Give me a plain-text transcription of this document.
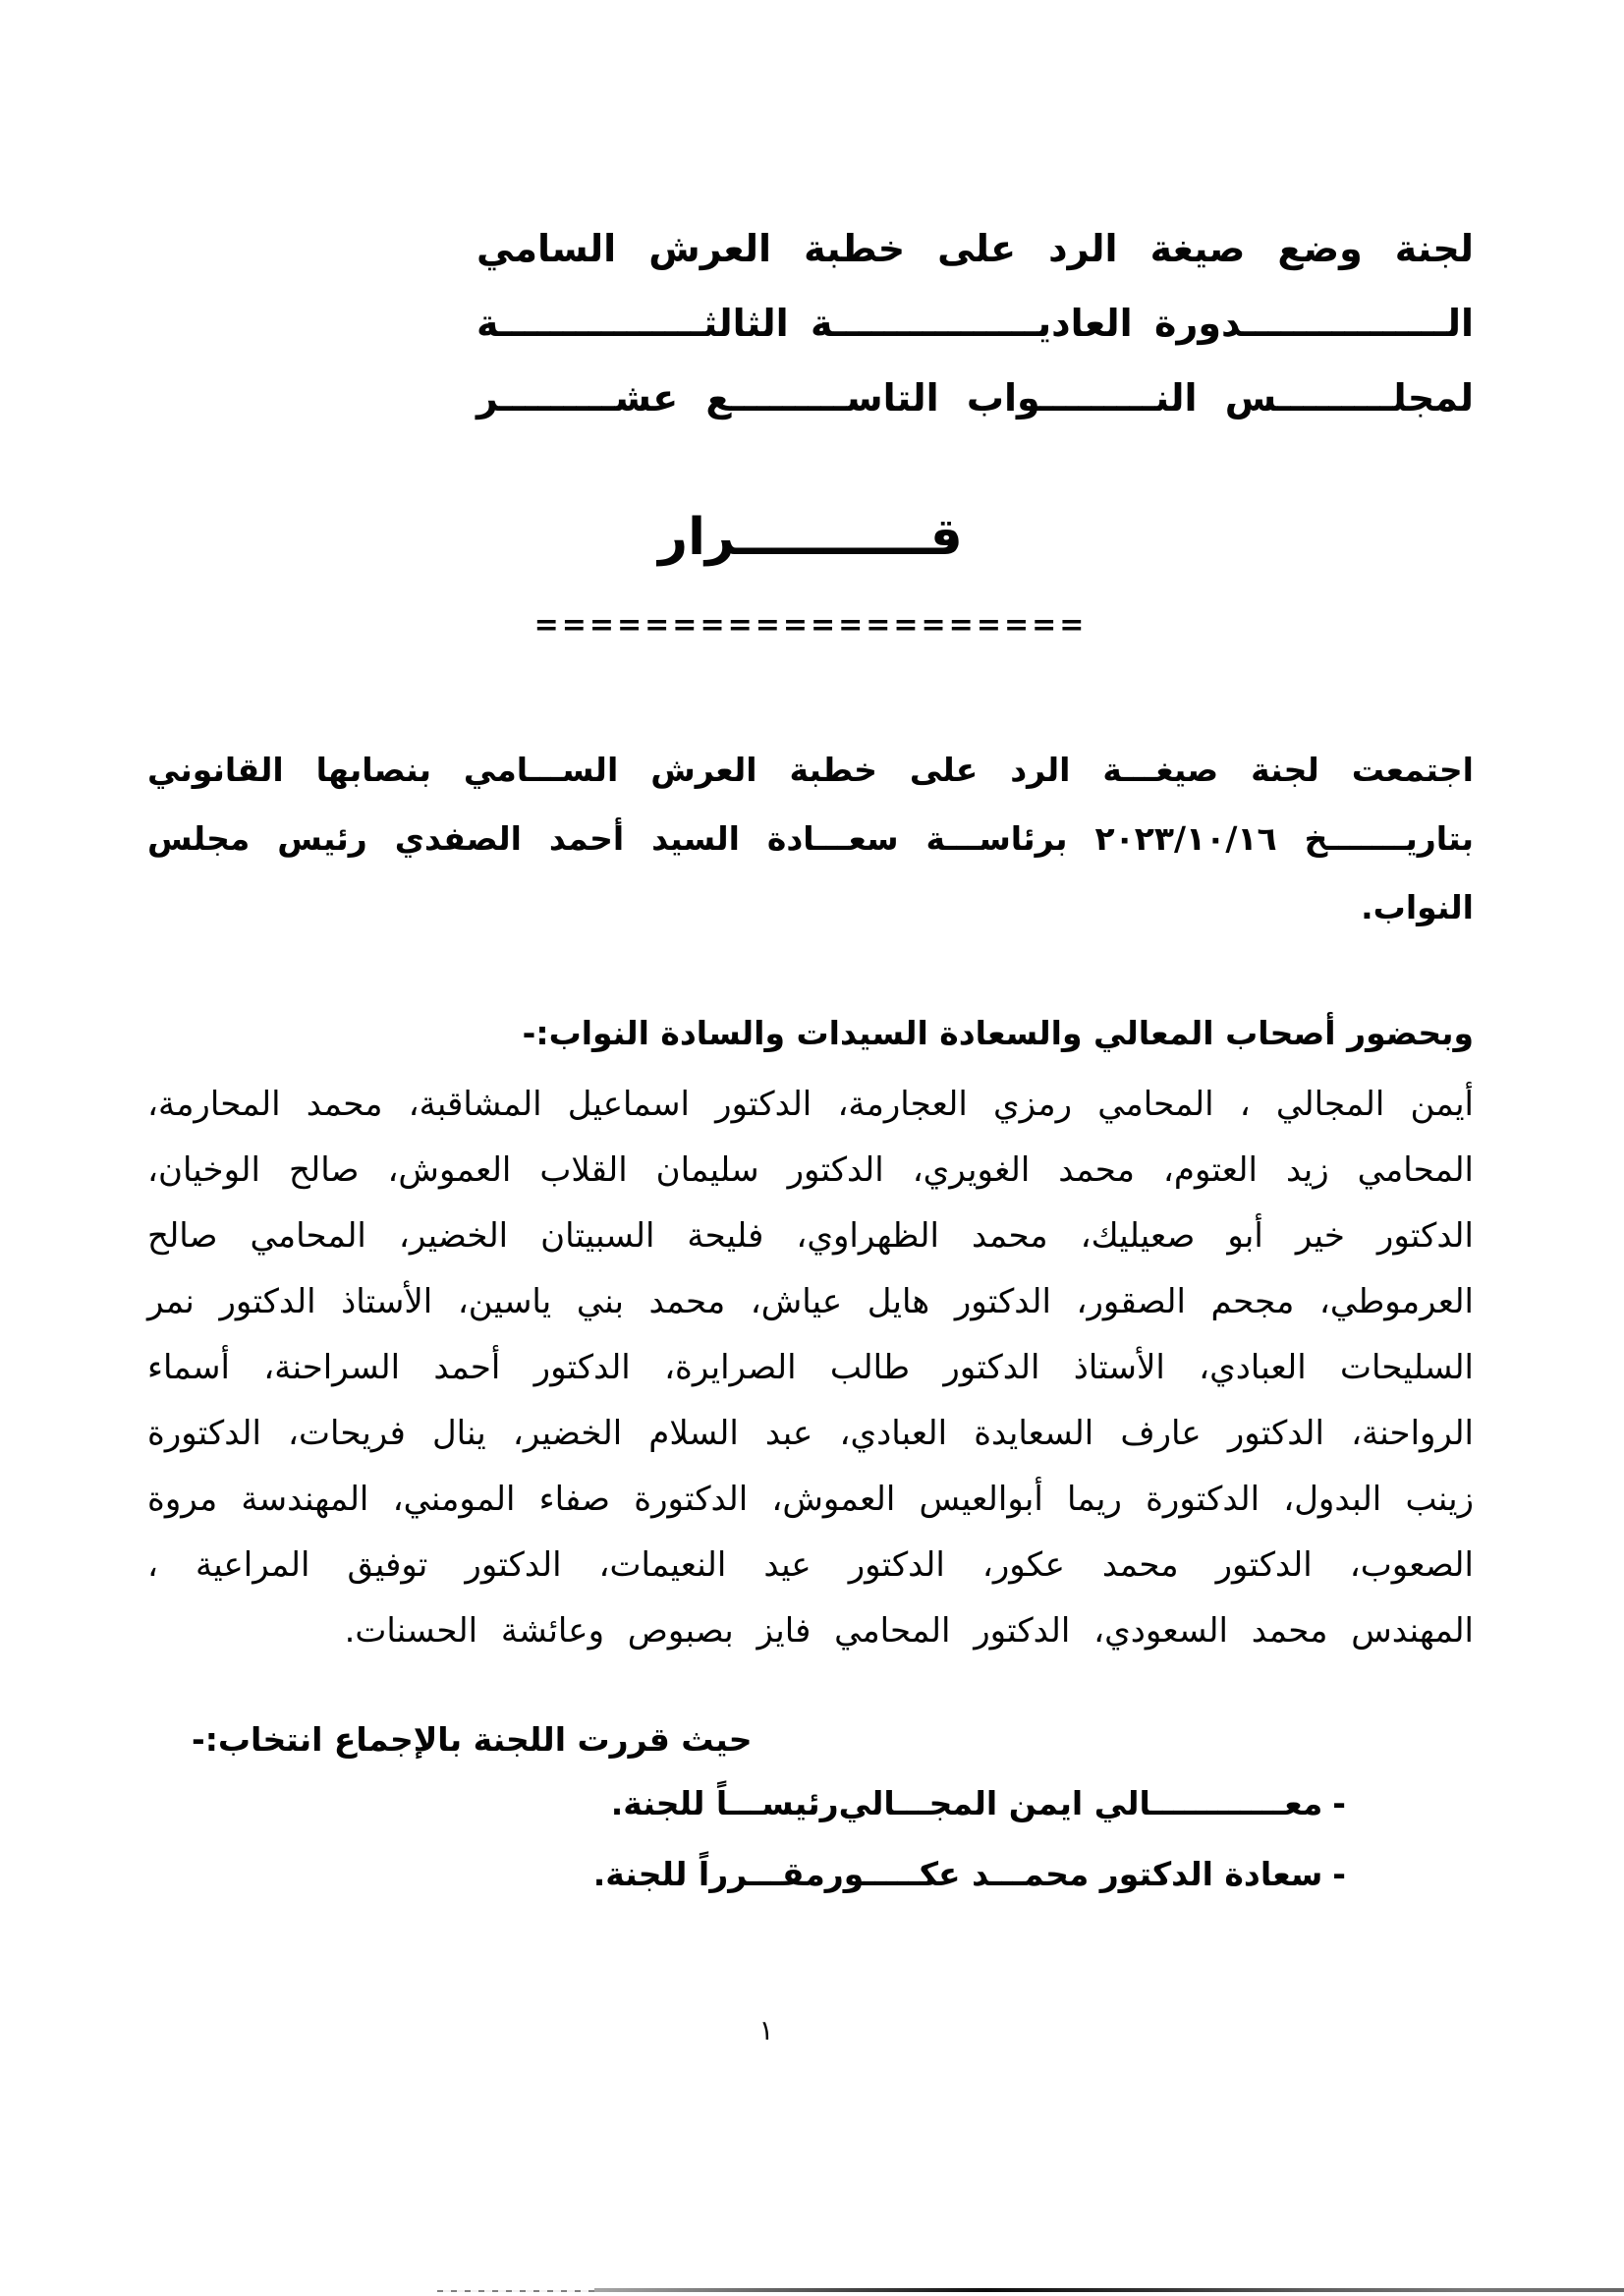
لجنة وضع صيغة الرد على خطبة العرش السامي
الــــــــــــــــدورة العاديــــــــــــــــة الثالثــــــــــــــــة
لمجلـــــــــس النـــــــــواب التاســـــــــع عشـــــــــر
قـــــــــــرار
====================

اجتمعت لجنة صيغـــة الرد على خطبة العرش الســـامي بنصابها القانوني بتاريـــــــخ ٢٠٢٣/١٠/١٦ برئاســـة سعـــادة السيد أحمد الصفدي رئيس مجلس النواب.

وبحضور أصحاب المعالي والسعادة السيدات والسادة النواب:-

أيمن المجالي ، المحامي رمزي العجارمة، الدكتور اسماعيل المشاقبة، محمد المحارمة، المحامي زيد العتوم، محمد الغويري، الدكتور سليمان القلاب العموش، صالح الوخيان، الدكتور خير أبو صعيليك، محمد الظهراوي، فليحة السبيتان الخضير، المحامي صالح العرموطي، مجحم الصقور، الدكتور هايل عياش، محمد بني ياسين، الأستاذ الدكتور نمر السليحات العبادي، الأستاذ الدكتور طالب الصرايرة، الدكتور أحمد السراحنة، أسماء الرواحنة، الدكتور عارف السعايدة العبادي، عبد السلام الخضير، ينال فريحات، الدكتورة زينب البدول، الدكتورة ريما أبوالعيس العموش، الدكتورة صفاء المومني، المهندسة مروة الصعوب، الدكتور محمد عكور، الدكتور عيد النعيمات، الدكتور توفيق المراعية ، المهندس محمد السعودي، الدكتور المحامي فايز بصبوص وعائشة الحسنات.

حيث قررت اللجنة بالإجماع انتخاب:-
-معــــــــــــالي ايمن المجـــالي
رئيســـاً للجنة.
-سعادة الدكتور محمـــد عكـــــور
مقـــرراً للجنة.
١
